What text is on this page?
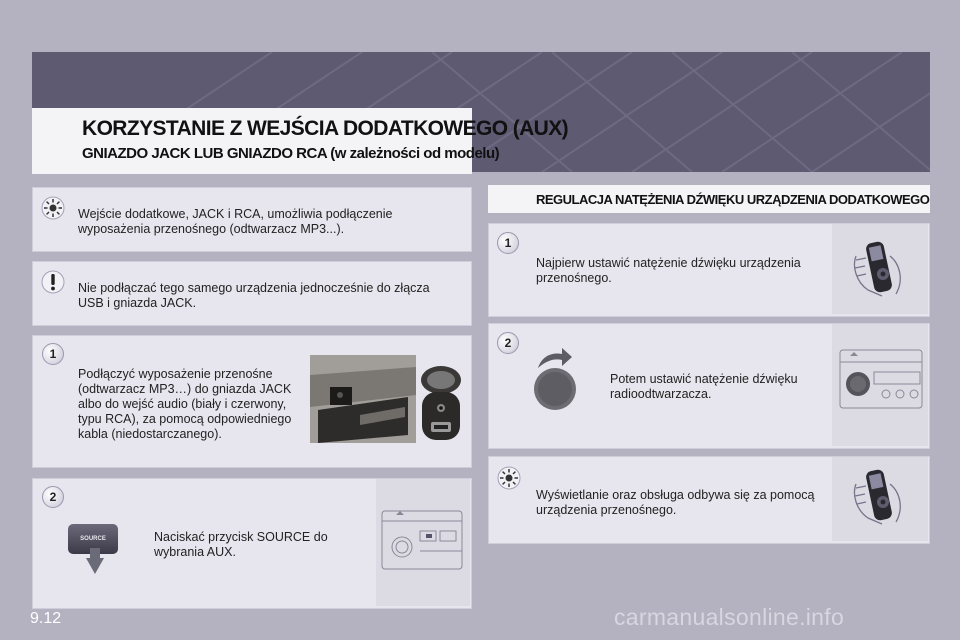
KORZYSTANIE Z WEJŚCIA DODATKOWEGO (AUX)
GNIAZDO JACK LUB GNIAZDO RCA (w zależności od modelu)
Wejście dodatkowe, JACK i RCA, umożliwia podłączenie wyposażenia przenośnego (odtwarzacz MP3...).
Nie podłączać tego samego urządzenia jednocześnie do złącza USB i gniazda JACK.
1
Podłączyć wyposażenie przenośne (odtwarzacz MP3…) do gniazda JACK albo do wejść audio (biały i czerwony, typu RCA), za pomocą odpowiedniego kabla (niedostarczanego).
2
SOURCE	Naciskać przycisk SOURCE do wybrania AUX.
REGULACJA NATĘŻENIA DŹWIĘKU URZĄDZENIA DODATKOWEGO
1
Najpierw ustawić natężenie dźwięku urządzenia przenośnego.
2
Potem ustawić natężenie dźwięku radioodtwarzacza.
Wyświetlanie oraz obsługa odbywa się za pomocą urządzenia przenośnego.
9.12	carmanualsonline.info
